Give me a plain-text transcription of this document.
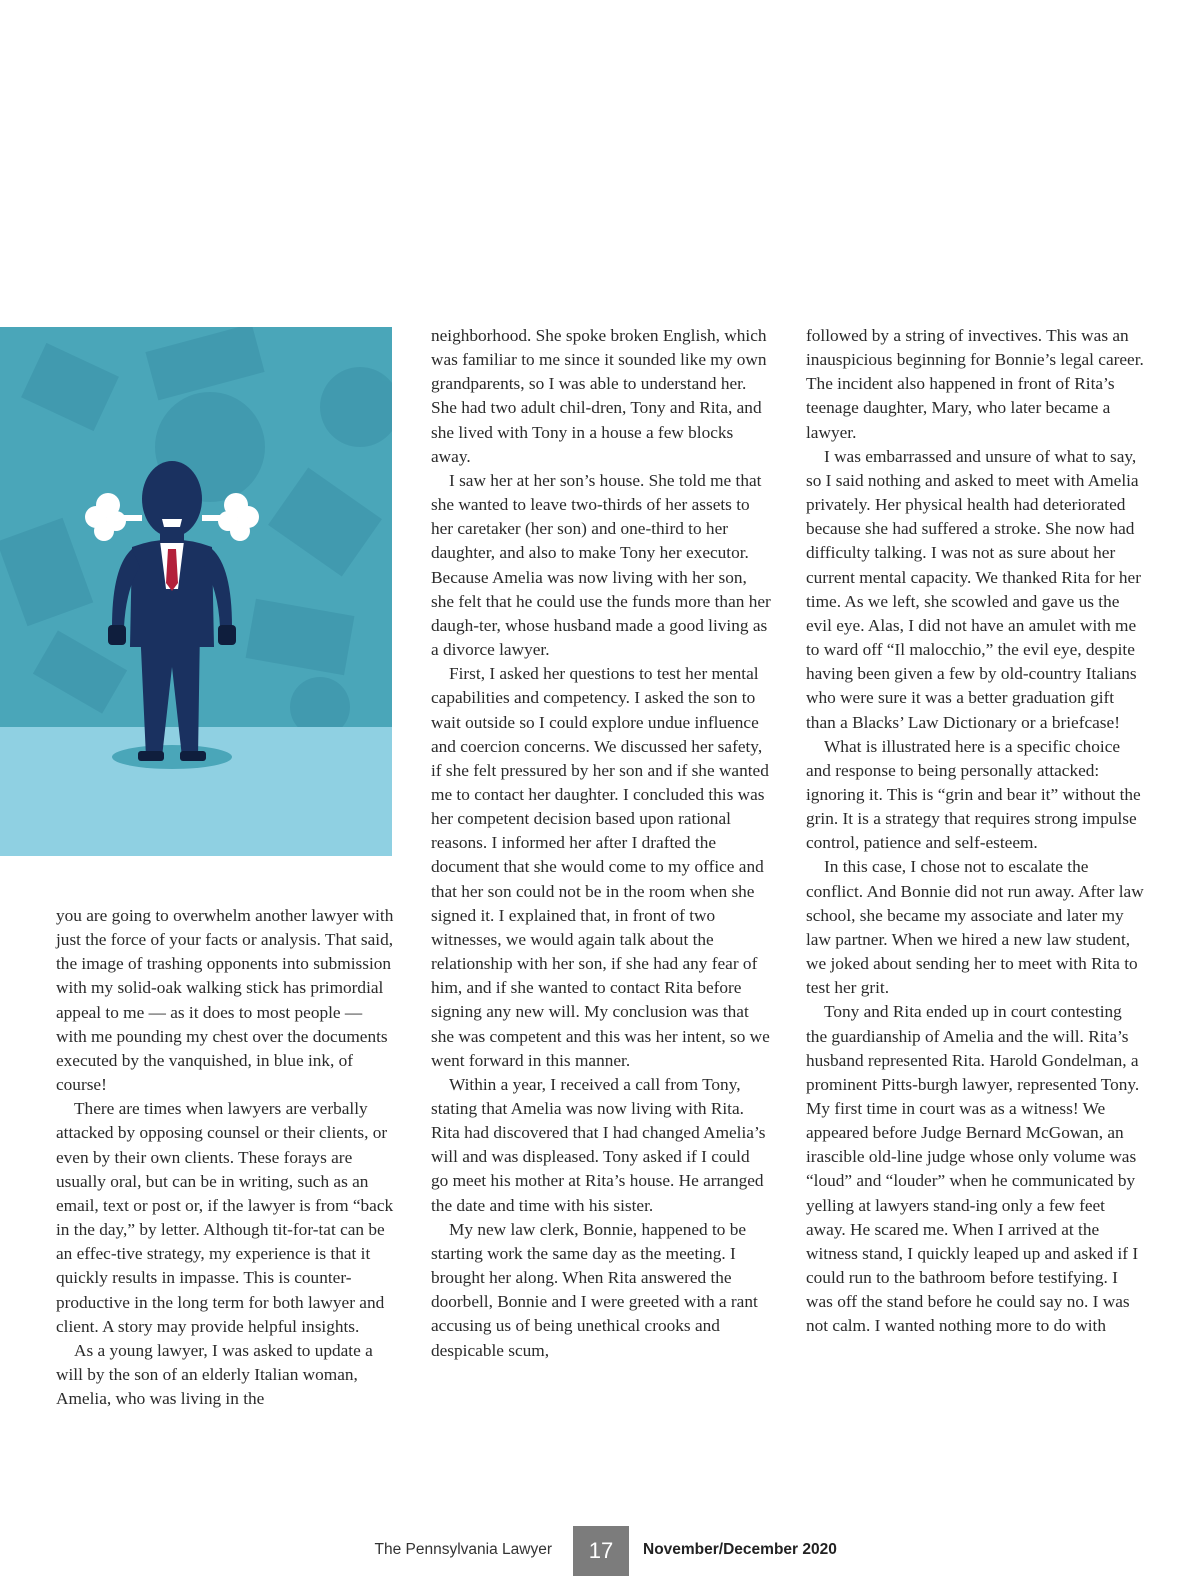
you are going to overwhelm another lawyer with just the force of your facts or analysis. That said, the image of trashing opponents into submission with my solid-oak walking stick has primordial appeal to me — as it does to most people — with me pounding my chest over the documents executed by the vanquished, in blue ink, of course!

There are times when lawyers are verbally attacked by opposing counsel or their clients, or even by their own clients. These forays are usually oral, but can be in writing, such as an email, text or post or, if the lawyer is from “back in the day,” by letter. Although tit-for-tat can be an effec-tive strategy, my experience is that it quickly results in impasse. This is counter-productive in the long term for both lawyer and client. A story may provide helpful insights.

As a young lawyer, I was asked to update a will by the son of an elderly Italian woman, Amelia, who was living in the

neighborhood. She spoke broken English, which was familiar to me since it sounded like my own grandparents, so I was able to understand her. She had two adult chil-dren, Tony and Rita, and she lived with Tony in a house a few blocks away.

I saw her at her son’s house. She told me that she wanted to leave two-thirds of her assets to her caretaker (her son) and one-third to her daughter, and also to make Tony her executor. Because Amelia was now living with her son, she felt that he could use the funds more than her daugh-ter, whose husband made a good living as a divorce lawyer.

First, I asked her questions to test her mental capabilities and competency. I asked the son to wait outside so I could explore undue influence and coercion concerns. We discussed her safety, if she felt pressured by her son and if she wanted me to contact her daughter. I concluded this was her competent decision based upon rational reasons. I informed her after I drafted the document that she would come to my office and that her son could not be in the room when she signed it. I explained that, in front of two witnesses, we would again talk about the relationship with her son, if she had any fear of him, and if she wanted to contact Rita before signing any new will. My conclusion was that she was competent and this was her intent, so we went forward in this manner.

Within a year, I received a call from Tony, stating that Amelia was now living with Rita. Rita had discovered that I had changed Amelia’s will and was displeased. Tony asked if I could go meet his mother at Rita’s house. He arranged the date and time with his sister.

My new law clerk, Bonnie, happened to be starting work the same day as the meeting. I brought her along. When Rita answered the doorbell, Bonnie and I were greeted with a rant accusing us of being unethical crooks and despicable scum,

followed by a string of invectives. This was an inauspicious beginning for Bonnie’s legal career. The incident also happened in front of Rita’s teenage daughter, Mary, who later became a lawyer.

I was embarrassed and unsure of what to say, so I said nothing and asked to meet with Amelia privately. Her physical health had deteriorated because she had suffered a stroke. She now had difficulty talking. I was not as sure about her current mental capacity. We thanked Rita for her time. As we left, she scowled and gave us the evil eye. Alas, I did not have an amulet with me to ward off “Il malocchio,” the evil eye, despite having been given a few by old-country Italians who were sure it was a better graduation gift than a Blacks’ Law Dictionary or a briefcase!

What is illustrated here is a specific choice and response to being personally attacked: ignoring it. This is “grin and bear it” without the grin. It is a strategy that requires strong impulse control, patience and self-esteem.

In this case, I chose not to escalate the conflict. And Bonnie did not run away. After law school, she became my associate and later my law partner. When we hired a new law student, we joked about sending her to meet with Rita to test her grit.

Tony and Rita ended up in court contesting the guardianship of Amelia and the will. Rita’s husband represented Rita. Harold Gondelman, a prominent Pitts-burgh lawyer, represented Tony. My first time in court was as a witness! We appeared before Judge Bernard McGowan, an irascible old-line judge whose only volume was “loud” and “louder” when he communicated by yelling at lawyers stand-ing only a few feet away. He scared me. When I arrived at the witness stand, I quickly leaped up and asked if I could run to the bathroom before testifying. I was off the stand before he could say no. I was not calm. I wanted nothing more to do with

The Pennsylvania Lawyer	17	November/December 2020
